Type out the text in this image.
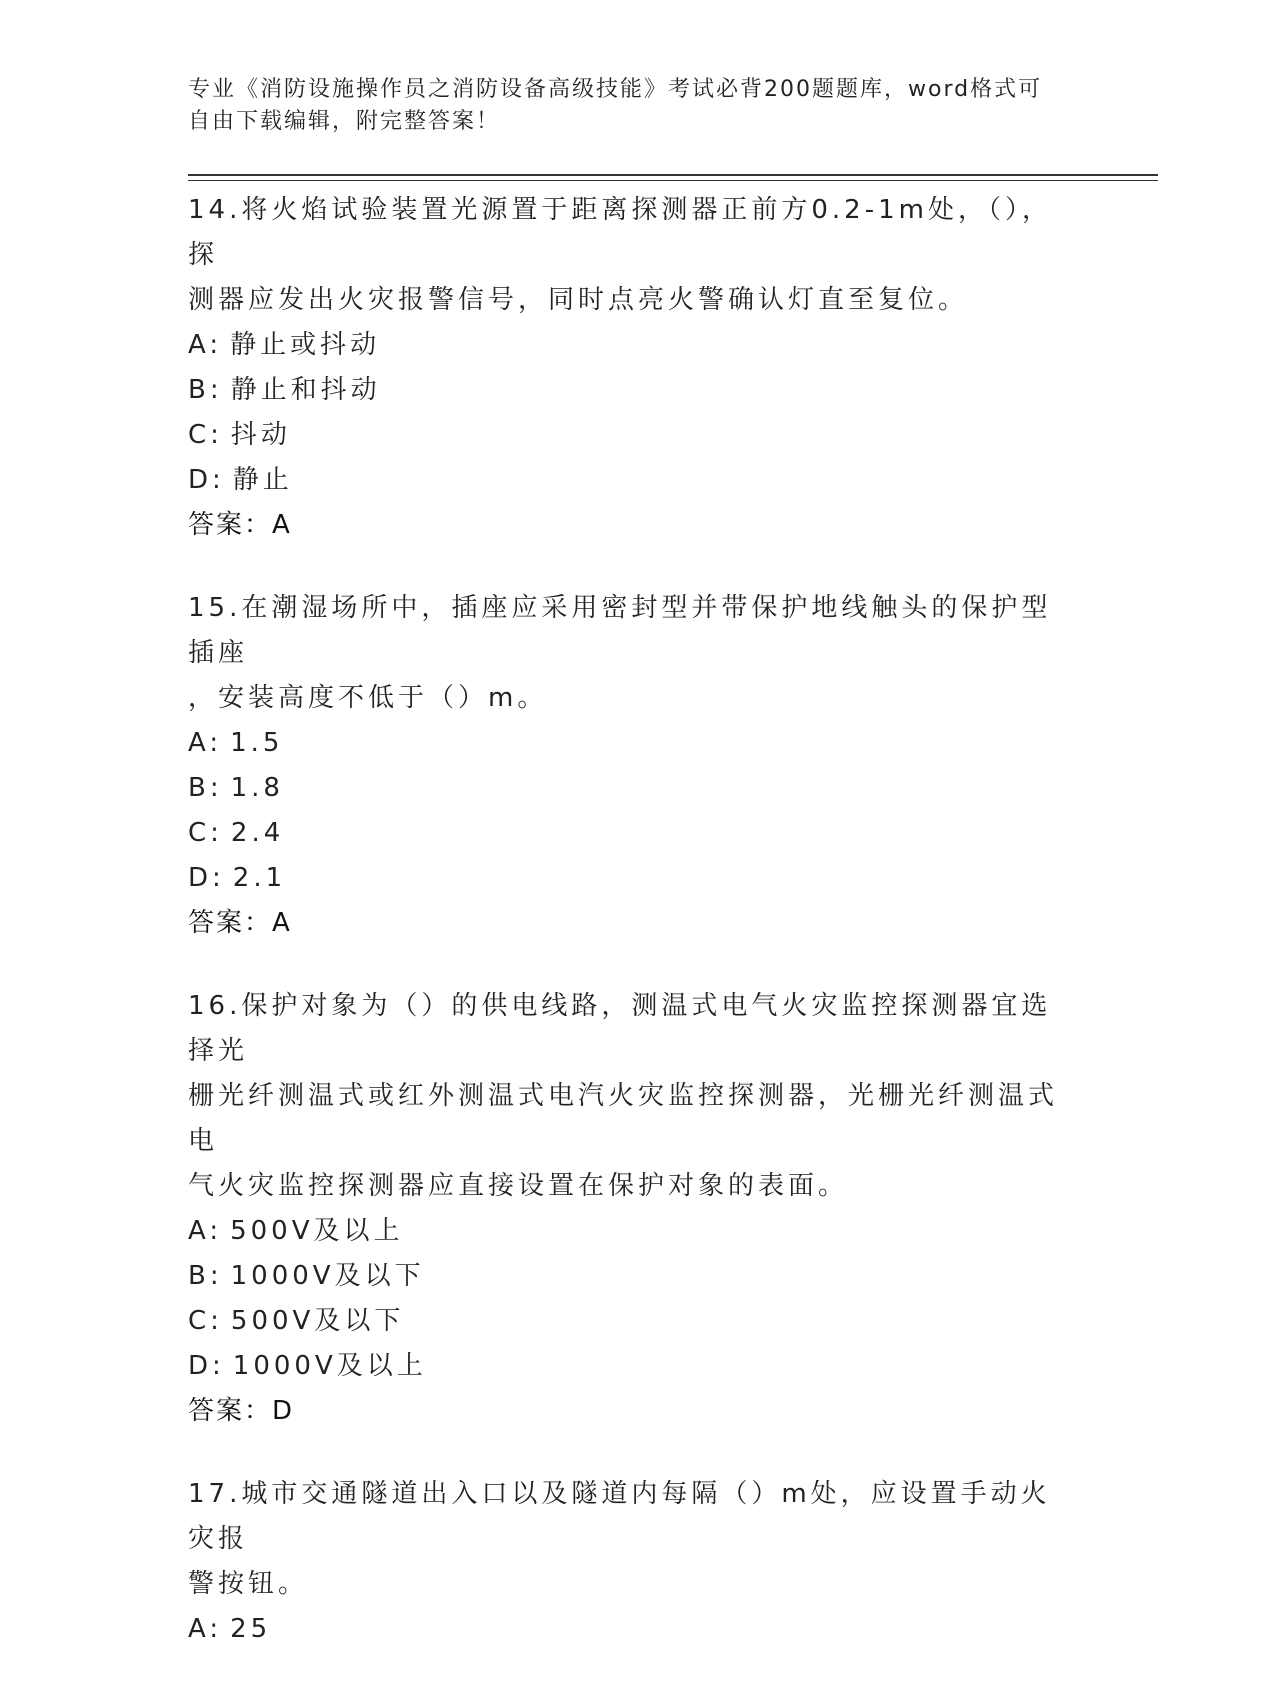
专业《消防设施操作员之消防设备高级技能》考试必背200题题库，word格式可
自由下载编辑，附完整答案！

14.将火焰试验装置光源置于距离探测器正前方0.2-1m处，（），探

测器应发出火灾报警信号，同时点亮火警确认灯直至复位。

A: 静止或抖动

B: 静止和抖动

C: 抖动

D: 静止

答案：A

15.在潮湿场所中，插座应采用密封型并带保护地线触头的保护型插座

，安装高度不低于（）m。

A: 1.5

B: 1.8

C: 2.4

D: 2.1

答案：A

16.保护对象为（）的供电线路，测温式电气火灾监控探测器宜选择光

栅光纤测温式或红外测温式电汽火灾监控探测器，光栅光纤测温式电

气火灾监控探测器应直接设置在保护对象的表面。

A: 500V及以上

B: 1000V及以下

C: 500V及以下

D: 1000V及以上

答案：D

17.城市交通隧道出入口以及隧道内每隔（）m处，应设置手动火灾报

警按钮。

A: 25
